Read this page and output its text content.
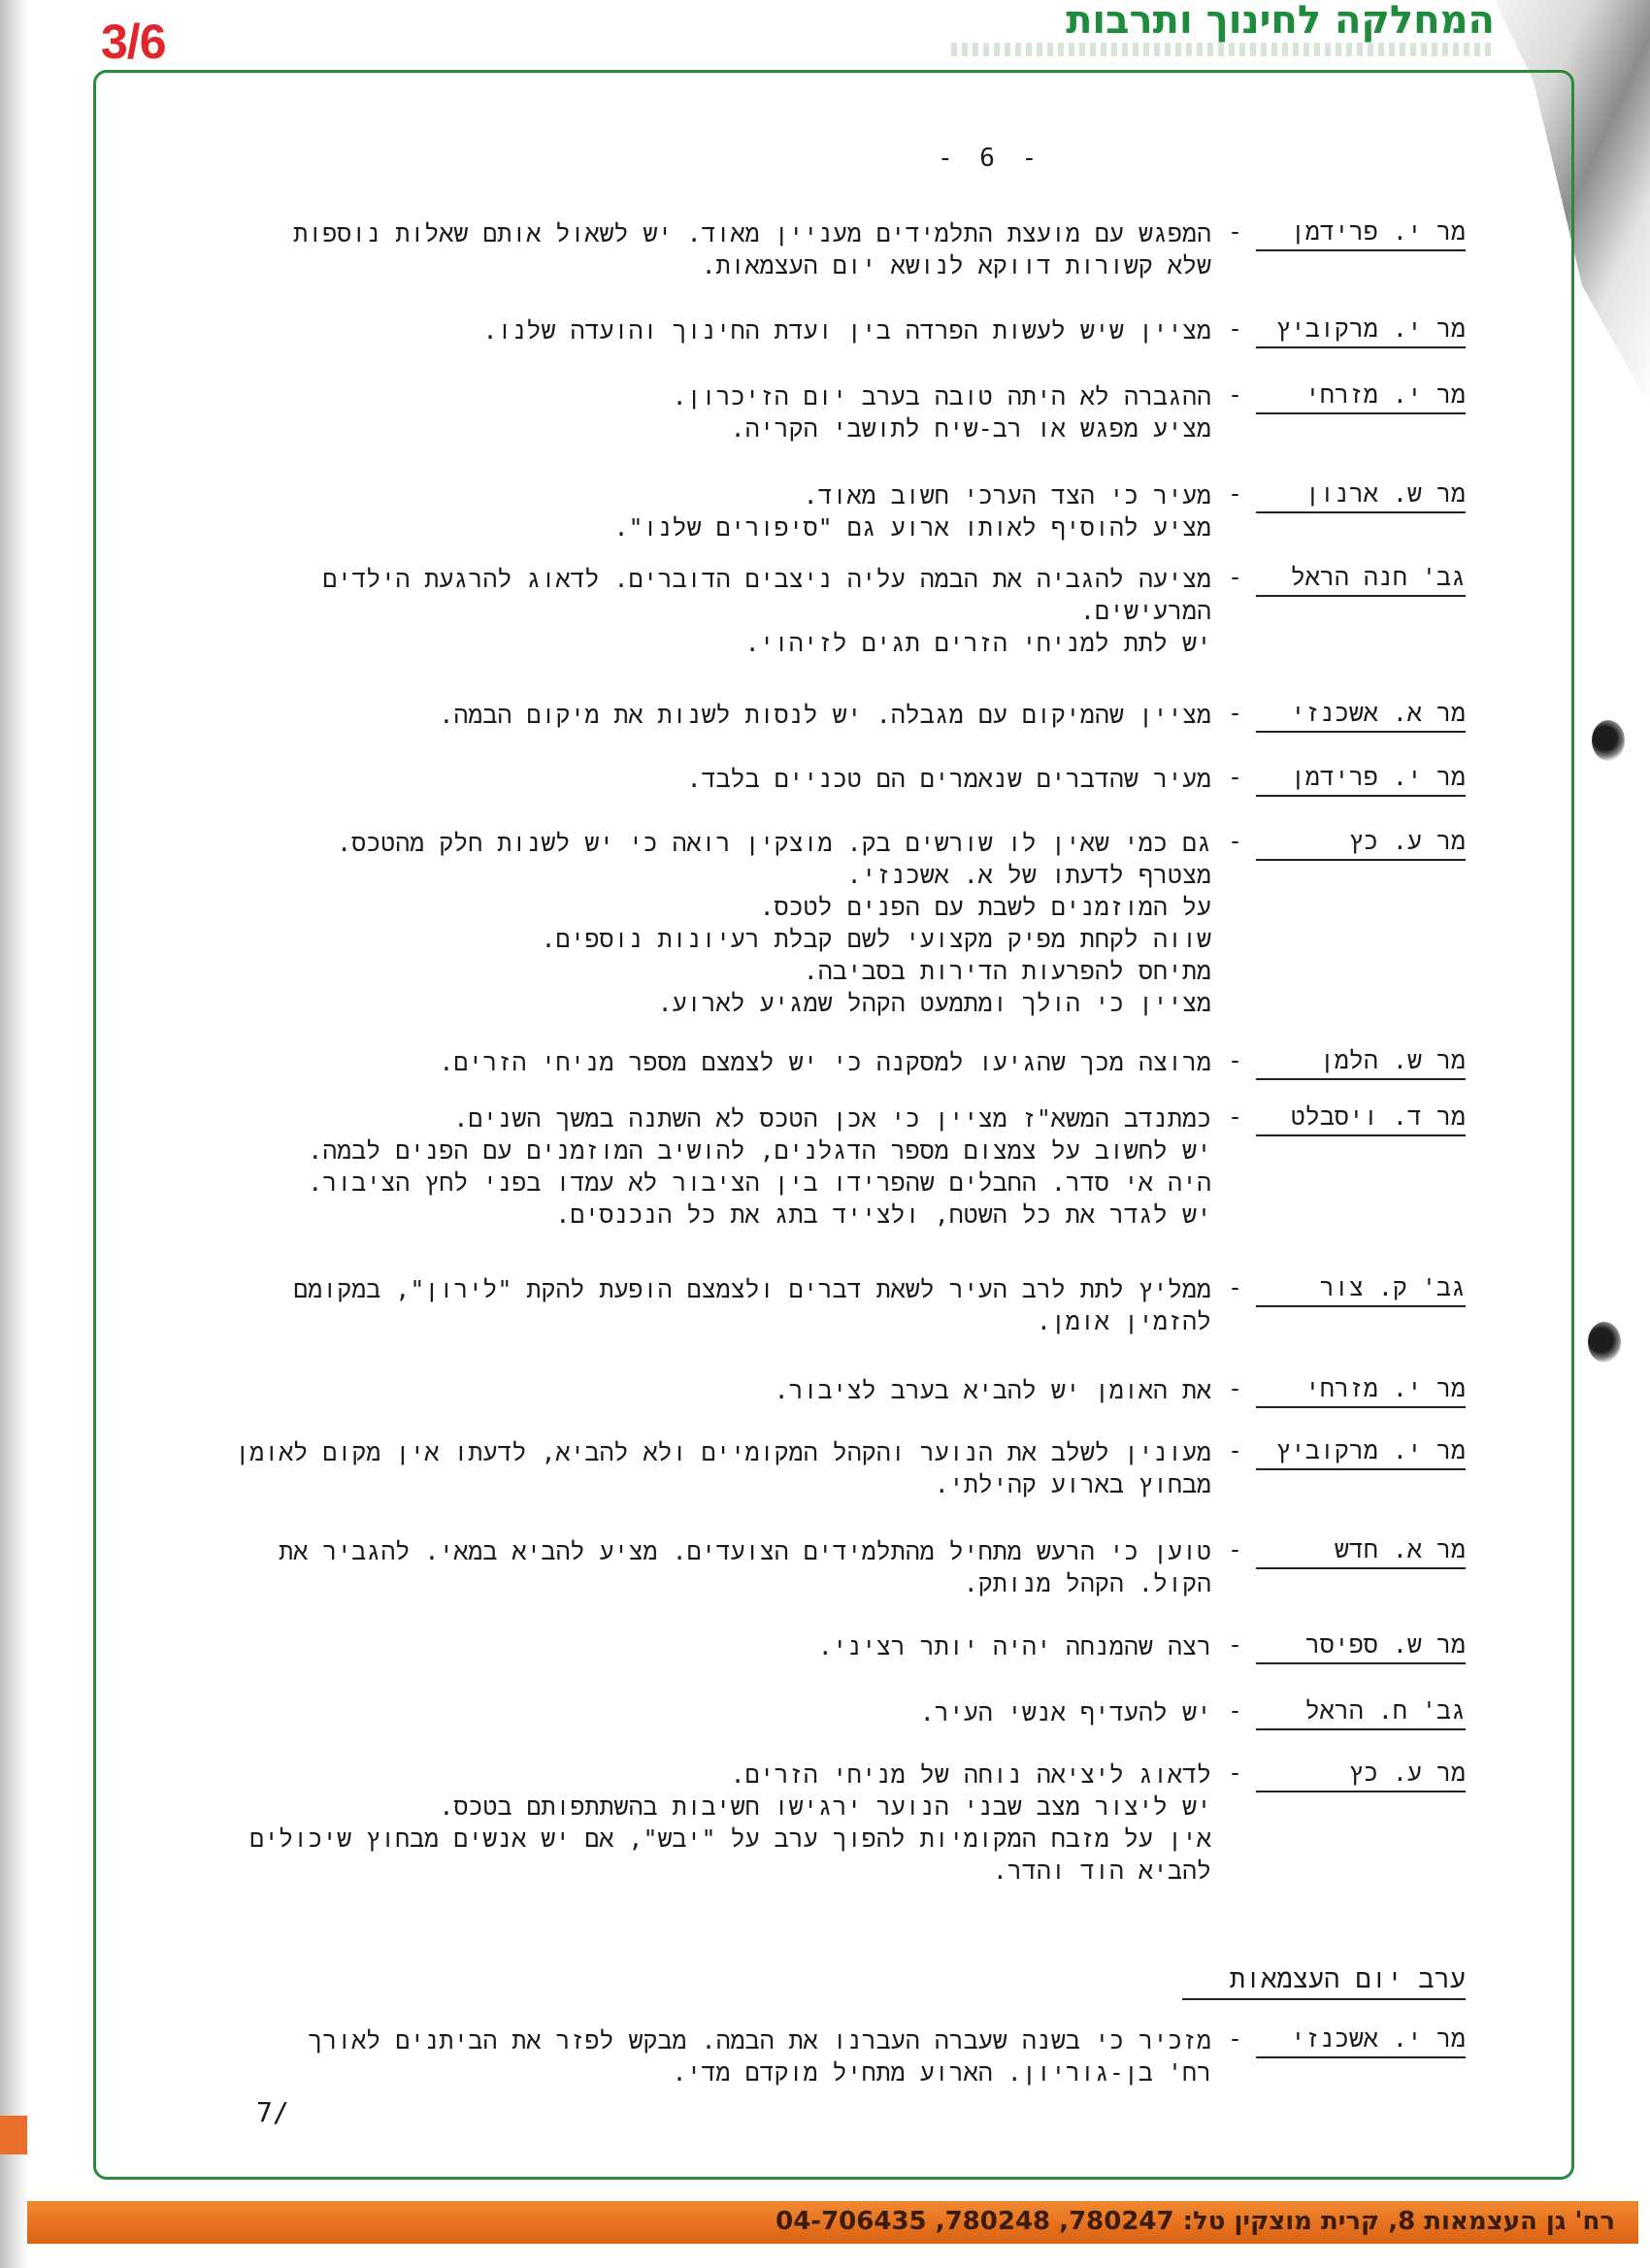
3/6	המחלקה לחינוך ותרבות
- 6 -
מר י. פרידמן
-
המפגש עם מועצת התלמידים מעניין מאוד. יש לשאול אותם שאלות נוספות
שלא קשורות דווקא לנושא יום העצמאות.
מר י. מרקוביץ
-
מציין שיש לעשות הפרדה בין ועדת החינוך והועדה שלנו.
מר י. מזרחי
-
ההגברה לא היתה טובה בערב יום הזיכרון.
מציע מפגש או רב-שיח לתושבי הקריה.
מר ש. ארנון
-
מעיר כי הצד הערכי חשוב מאוד.
מציע להוסיף לאותו ארוע גם "סיפורים שלנו".
גב' חנה הראל
-
מציעה להגביה את הבמה עליה ניצבים הדוברים. לדאוג להרגעת הילדים
המרעישים.
יש לתת למניחי הזרים תגים לזיהוי.
מר א. אשכנזי
-
מציין שהמיקום עם מגבלה. יש לנסות לשנות את מיקום הבמה.
מר י. פרידמן
-
מעיר שהדברים שנאמרים הם טכניים בלבד.
מר ע. כץ
-
גם כמי שאין לו שורשים בק. מוצקין רואה כי יש לשנות חלק מהטכס.
מצטרף לדעתו של א. אשכנזי.
על המוזמנים לשבת עם הפנים לטכס.
שווה לקחת מפיק מקצועי לשם קבלת רעיונות נוספים.
מתיחס להפרעות הדירות בסביבה.
מציין כי הולך ומתמעט הקהל שמגיע לארוע.
מר ש. הלמן
-
מרוצה מכך שהגיעו למסקנה כי יש לצמצם מספר מניחי הזרים.
מר ד. ויסבלט
-
כמתנדב המשא"ז מציין כי אכן הטכס לא השתנה במשך השנים.
יש לחשוב על צמצום מספר הדגלנים, להושיב המוזמנים עם הפנים לבמה.
היה אי סדר. החבלים שהפרידו בין הציבור לא עמדו בפני לחץ הציבור.
יש לגדר את כל השטח, ולצייד בתג את כל הנכנסים.
גב' ק. צור
-
ממליץ לתת לרב העיר לשאת דברים ולצמצם הופעת להקת "לירון", במקומם
להזמין אומן.
מר י. מזרחי
-
את האומן יש להביא בערב לציבור.
מר י. מרקוביץ
-
מעונין לשלב את הנוער והקהל המקומיים ולא להביא, לדעתו אין מקום לאומן
מבחוץ בארוע קהילתי.
מר א. חדש
-
טוען כי הרעש מתחיל מהתלמידים הצועדים. מציע להביא במאי. להגביר את
הקול. הקהל מנותק.
מר ש. ספיסר
-
רצה שהמנחה יהיה יותר רציני.
גב' ח. הראל
-
יש להעדיף אנשי העיר.
מר ע. כץ
-
לדאוג ליציאה נוחה של מניחי הזרים.
יש ליצור מצב שבני הנוער ירגישו חשיבות בהשתתפותם בטכס.
אין על מזבח המקומיות להפוך ערב על "יבש", אם יש אנשים מבחוץ שיכולים
להביא הוד והדר.
מר י. אשכנזי
-
מזכיר כי בשנה שעברה העברנו את הבמה. מבקש לפזר את הביתנים לאורך
רח' בן-גוריון. הארוע מתחיל מוקדם מדי.
ערב יום העצמאות
7/
רח' גן העצמאות 8, קרית מוצקין טל: 780247, 780248, 04-706435
